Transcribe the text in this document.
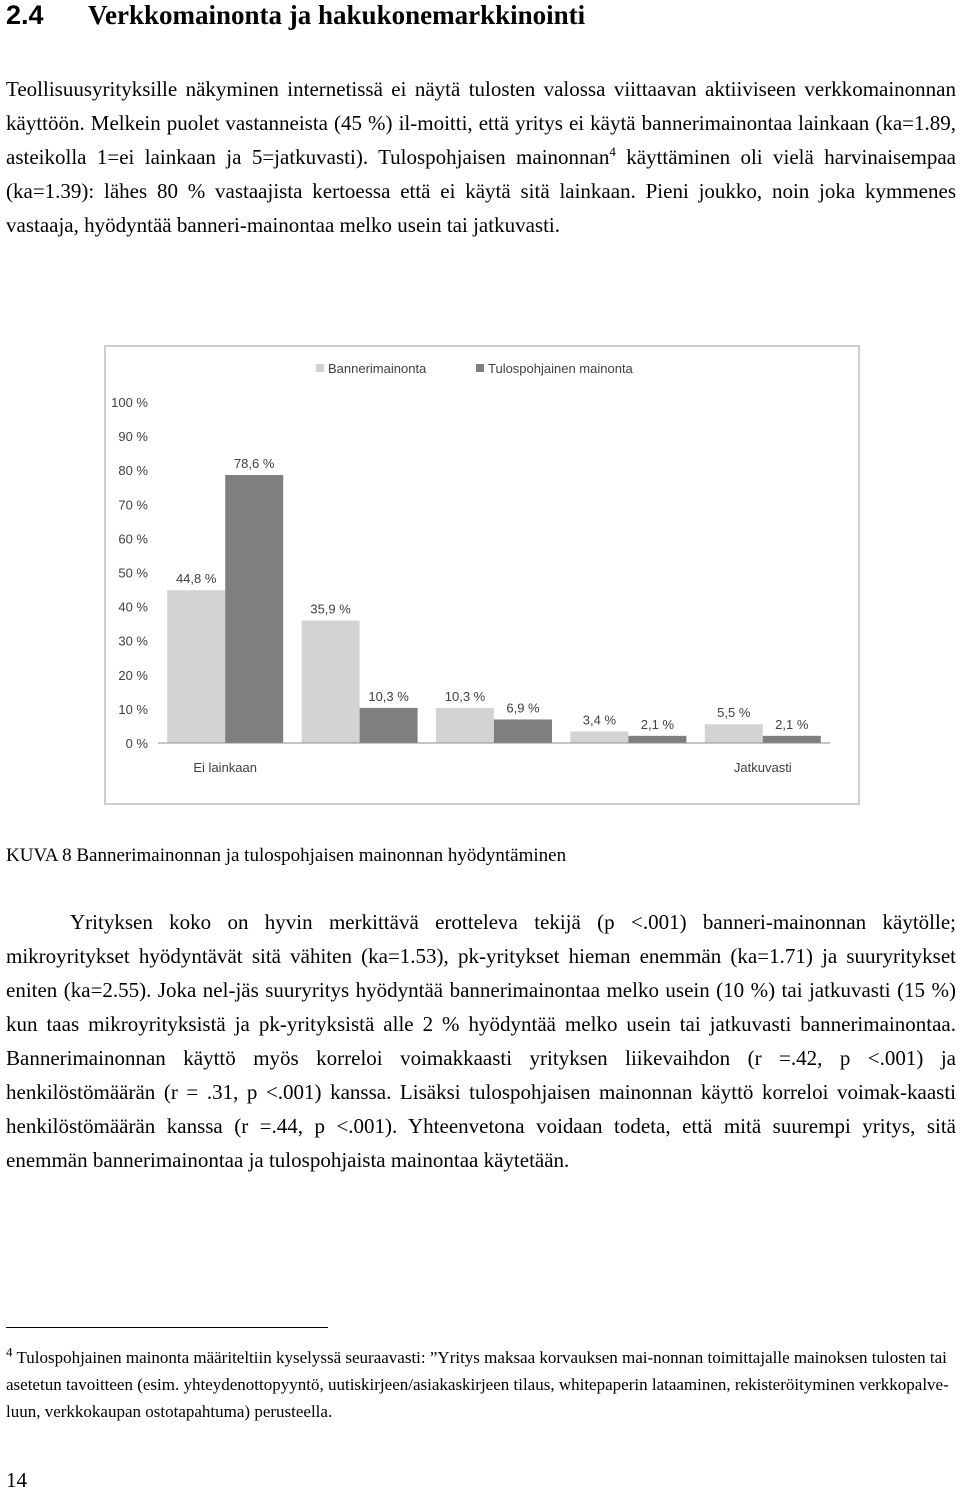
2.4 Verkkomainonta ja hakukonemarkkinointi

Teollisuusyrityksille näkyminen internetissä ei näytä tulosten valossa viittaavan aktiiviseen verkkomainonnan käyttöön. Melkein puolet vastanneista (45 %) il-moitti, että yritys ei käytä bannerimainontaa lainkaan (ka=1.89, asteikolla 1=ei lainkaan ja 5=jatkuvasti). Tulospohjaisen mainonnan$^4$ käyttäminen oli vielä harvinaisempaa (ka=1.39): lähes 80 % vastaajista kertoessa että ei käytä sitä lainkaan. Pieni joukko, noin joka kymmenes vastaaja, hyödyntää banneri-mainontaa melko usein tai jatkuvasti.

0 %
10 %
20 %
30 %
40 %
50 %
60 %
70 %
80 %
90 %
100 %
44,8 %
35,9 %
10,3 %
3,4 %	5,5 %
78,6 %
10,3 %
6,9 %
2,1 %	2,1 %
Ei lainkaan	Jatkuvasti
Bannerimainonta	Tulospohjainen mainonta

KUVA 8 Bannerimainonnan ja tulospohjaisen mainonnan hyödyntäminen

Yrityksen koko on hyvin merkittävä erotteleva tekijä (p <.001) banneri-mainonnan käytölle; mikroyritykset hyödyntävät sitä vähiten (ka=1.53), pk-yritykset hieman enemmän (ka=1.71) ja suuryritykset eniten (ka=2.55). Joka nel-jäs suuryritys hyödyntää bannerimainontaa melko usein (10 %) tai jatkuvasti (15 %) kun taas mikroyrityksistä ja pk-yrityksistä alle 2 % hyödyntää melko usein tai jatkuvasti bannerimainontaa. Bannerimainonnan käyttö myös korreloi voimakkaasti yrityksen liikevaihdon (r =.42, p <.001) ja henkilöstömäärän (r = .31, p <.001) kanssa. Lisäksi tulospohjaisen mainonnan käyttö korreloi voimak-kaasti henkilöstömäärän kanssa (r =.44, p <.001). Yhteenvetona voidaan todeta, että mitä suurempi yritys, sitä enemmän bannerimainontaa ja tulospohjaista mainontaa käytetään.

$^4$ Tulospohjainen mainonta määriteltiin kyselyssä seuraavasti: ”Yritys maksaa korvauksen mai-nonnan toimittajalle mainoksen tulosten tai asetetun tavoitteen (esim. yhteydenottopyyntö, uutiskirjeen/asiakaskirjeen tilaus, whitepaperin lataaminen, rekisteröityminen verkkopalve-luun, verkkokaupan ostotapahtuma) perusteella.

14
